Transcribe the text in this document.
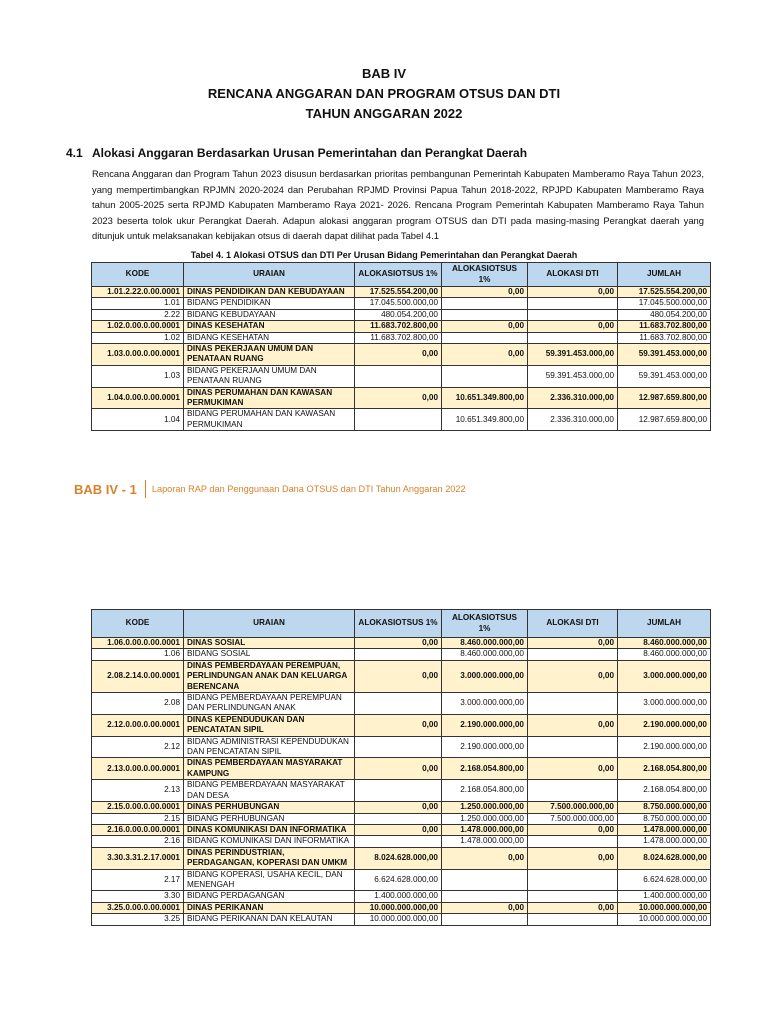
BAB IV
RENCANA ANGGARAN DAN PROGRAM OTSUS DAN DTI
TAHUN ANGGARAN 2022
4.1 Alokasi Anggaran Berdasarkan Urusan Pemerintahan dan Perangkat Daerah
Rencana Anggaran dan Program Tahun 2023 disusun berdasarkan prioritas pembangunan Pemerintah Kabupaten Mamberamo Raya Tahun 2023, yang mempertimbangkan RPJMN 2020-2024 dan Perubahan RPJMD Provinsi Papua Tahun 2018-2022, RPJPD Kabupaten Mamberamo Raya tahun 2005-2025 serta RPJMD Kabupaten Mamberamo Raya 2021- 2026. Rencana Program Pemerintah Kabupaten Mamberamo Raya Tahun 2023 beserta tolok ukur Perangkat Daerah. Adapun alokasi anggaran program OTSUS dan DTI pada masing-masing Perangkat daerah yang ditunjuk untuk melaksanakan kebijakan otsus di daerah dapat dilihat pada Tabel 4.1
Tabel 4. 1 Alokasi OTSUS dan DTI Per Urusan Bidang Pemerintahan dan Perangkat Daerah
KODE	URAIAN	ALOKASIOTSUS 1%	ALOKASIOTSUS 1%	ALOKASI DTI	JUMLAH
1.01.2.22.0.00.0001	DINAS PENDIDIKAN DAN KEBUDAYAAN	17.525.554.200,00	0,00	0,00	17.525.554.200,00
1.01	BIDANG PENDIDIKAN	17.045.500.000,00			17.045.500.000,00
2.22	BIDANG KEBUDAYAAN	480.054.200,00			480.054.200,00
1.02.0.00.0.00.0001	DINAS KESEHATAN	11.683.702.800,00	0,00	0,00	11.683.702.800,00
1.02	BIDANG KESEHATAN	11.683.702.800,00			11.683.702.800,00
1.03.0.00.0.00.0001	DINAS PEKERJAAN UMUM DAN PENATAAN RUANG	0,00	0,00	59.391.453.000,00	59.391.453.000,00
1.03	BIDANG PEKERJAAN UMUM DAN PENATAAN RUANG			59.391.453.000,00	59.391.453.000,00
1.04.0.00.0.00.0001	DINAS PERUMAHAN DAN KAWASAN PERMUKIMAN	0,00	10.651.349.800,00	2.336.310.000,00	12.987.659.800,00
1.04	BIDANG PERUMAHAN DAN KAWASAN PERMUKIMAN		10.651.349.800,00	2.336.310.000,00	12.987.659.800,00
BAB IV - 1 Laporan RAP dan Penggunaan Dana OTSUS dan DTI Tahun Anggaran 2022
KODE	URAIAN	ALOKASIOTSUS 1%	ALOKASIOTSUS 1%	ALOKASI DTI	JUMLAH
1.06.0.00.0.00.0001	DINAS SOSIAL	0,00	8.460.000.000,00	0,00	8.460.000.000,00
1.06	BIDANG SOSIAL		8.460.000.000,00		8.460.000.000,00
2.08.2.14.0.00.0001	DINAS PEMBERDAYAAN PEREMPUAN, PERLINDUNGAN ANAK DAN KELUARGA BERENCANA	0,00	3.000.000.000,00	0,00	3.000.000.000,00
2.08	BIDANG PEMBERDAYAAN PEREMPUAN DAN PERLINDUNGAN ANAK		3.000.000.000,00		3.000.000.000,00
2.12.0.00.0.00.0001	DINAS KEPENDUDUKAN DAN PENCATATAN SIPIL	0,00	2.190.000.000,00	0,00	2.190.000.000,00
2.12	BIDANG ADMINISTRASI KEPENDUDUKAN DAN PENCATATAN SIPIL		2.190.000.000,00		2.190.000.000,00
2.13.0.00.0.00.0001	DINAS PEMBERDAYAAN MASYARAKAT KAMPUNG	0,00	2.168.054.800,00	0,00	2.168.054.800,00
2.13	BIDANG PEMBERDAYAAN MASYARAKAT DAN DESA		2.168.054.800,00		2.168.054.800,00
2.15.0.00.0.00.0001	DINAS PERHUBUNGAN	0,00	1.250.000.000,00	7.500.000.000,00	8.750.000.000,00
2.15	BIDANG PERHUBUNGAN		1.250.000.000,00	7.500.000.000,00	8.750.000.000,00
2.16.0.00.0.00.0001	DINAS KOMUNIKASI DAN INFORMATIKA	0,00	1.478.000.000,00	0,00	1.478.000.000,00
2.16	BIDANG KOMUNIKASI DAN INFORMATIKA		1.478.000.000,00		1.478.000.000,00
3.30.3.31.2.17.0001	DINAS PERINDUSTRIAN, PERDAGANGAN, KOPERASI DAN UMKM	8.024.628.000,00	0,00	0,00	8.024.628.000,00
2.17	BIDANG KOPERASI, USAHA KECIL, DAN MENENGAH	6.624.628.000,00			6.624.628.000,00
3.30	BIDANG PERDAGANGAN	1.400.000.000,00			1.400.000.000,00
3.25.0.00.0.00.0001	DINAS PERIKANAN	10.000.000.000,00	0,00	0,00	10.000.000.000,00
3.25	BIDANG PERIKANAN DAN KELAUTAN	10.000.000.000,00			10.000.000.000,00
